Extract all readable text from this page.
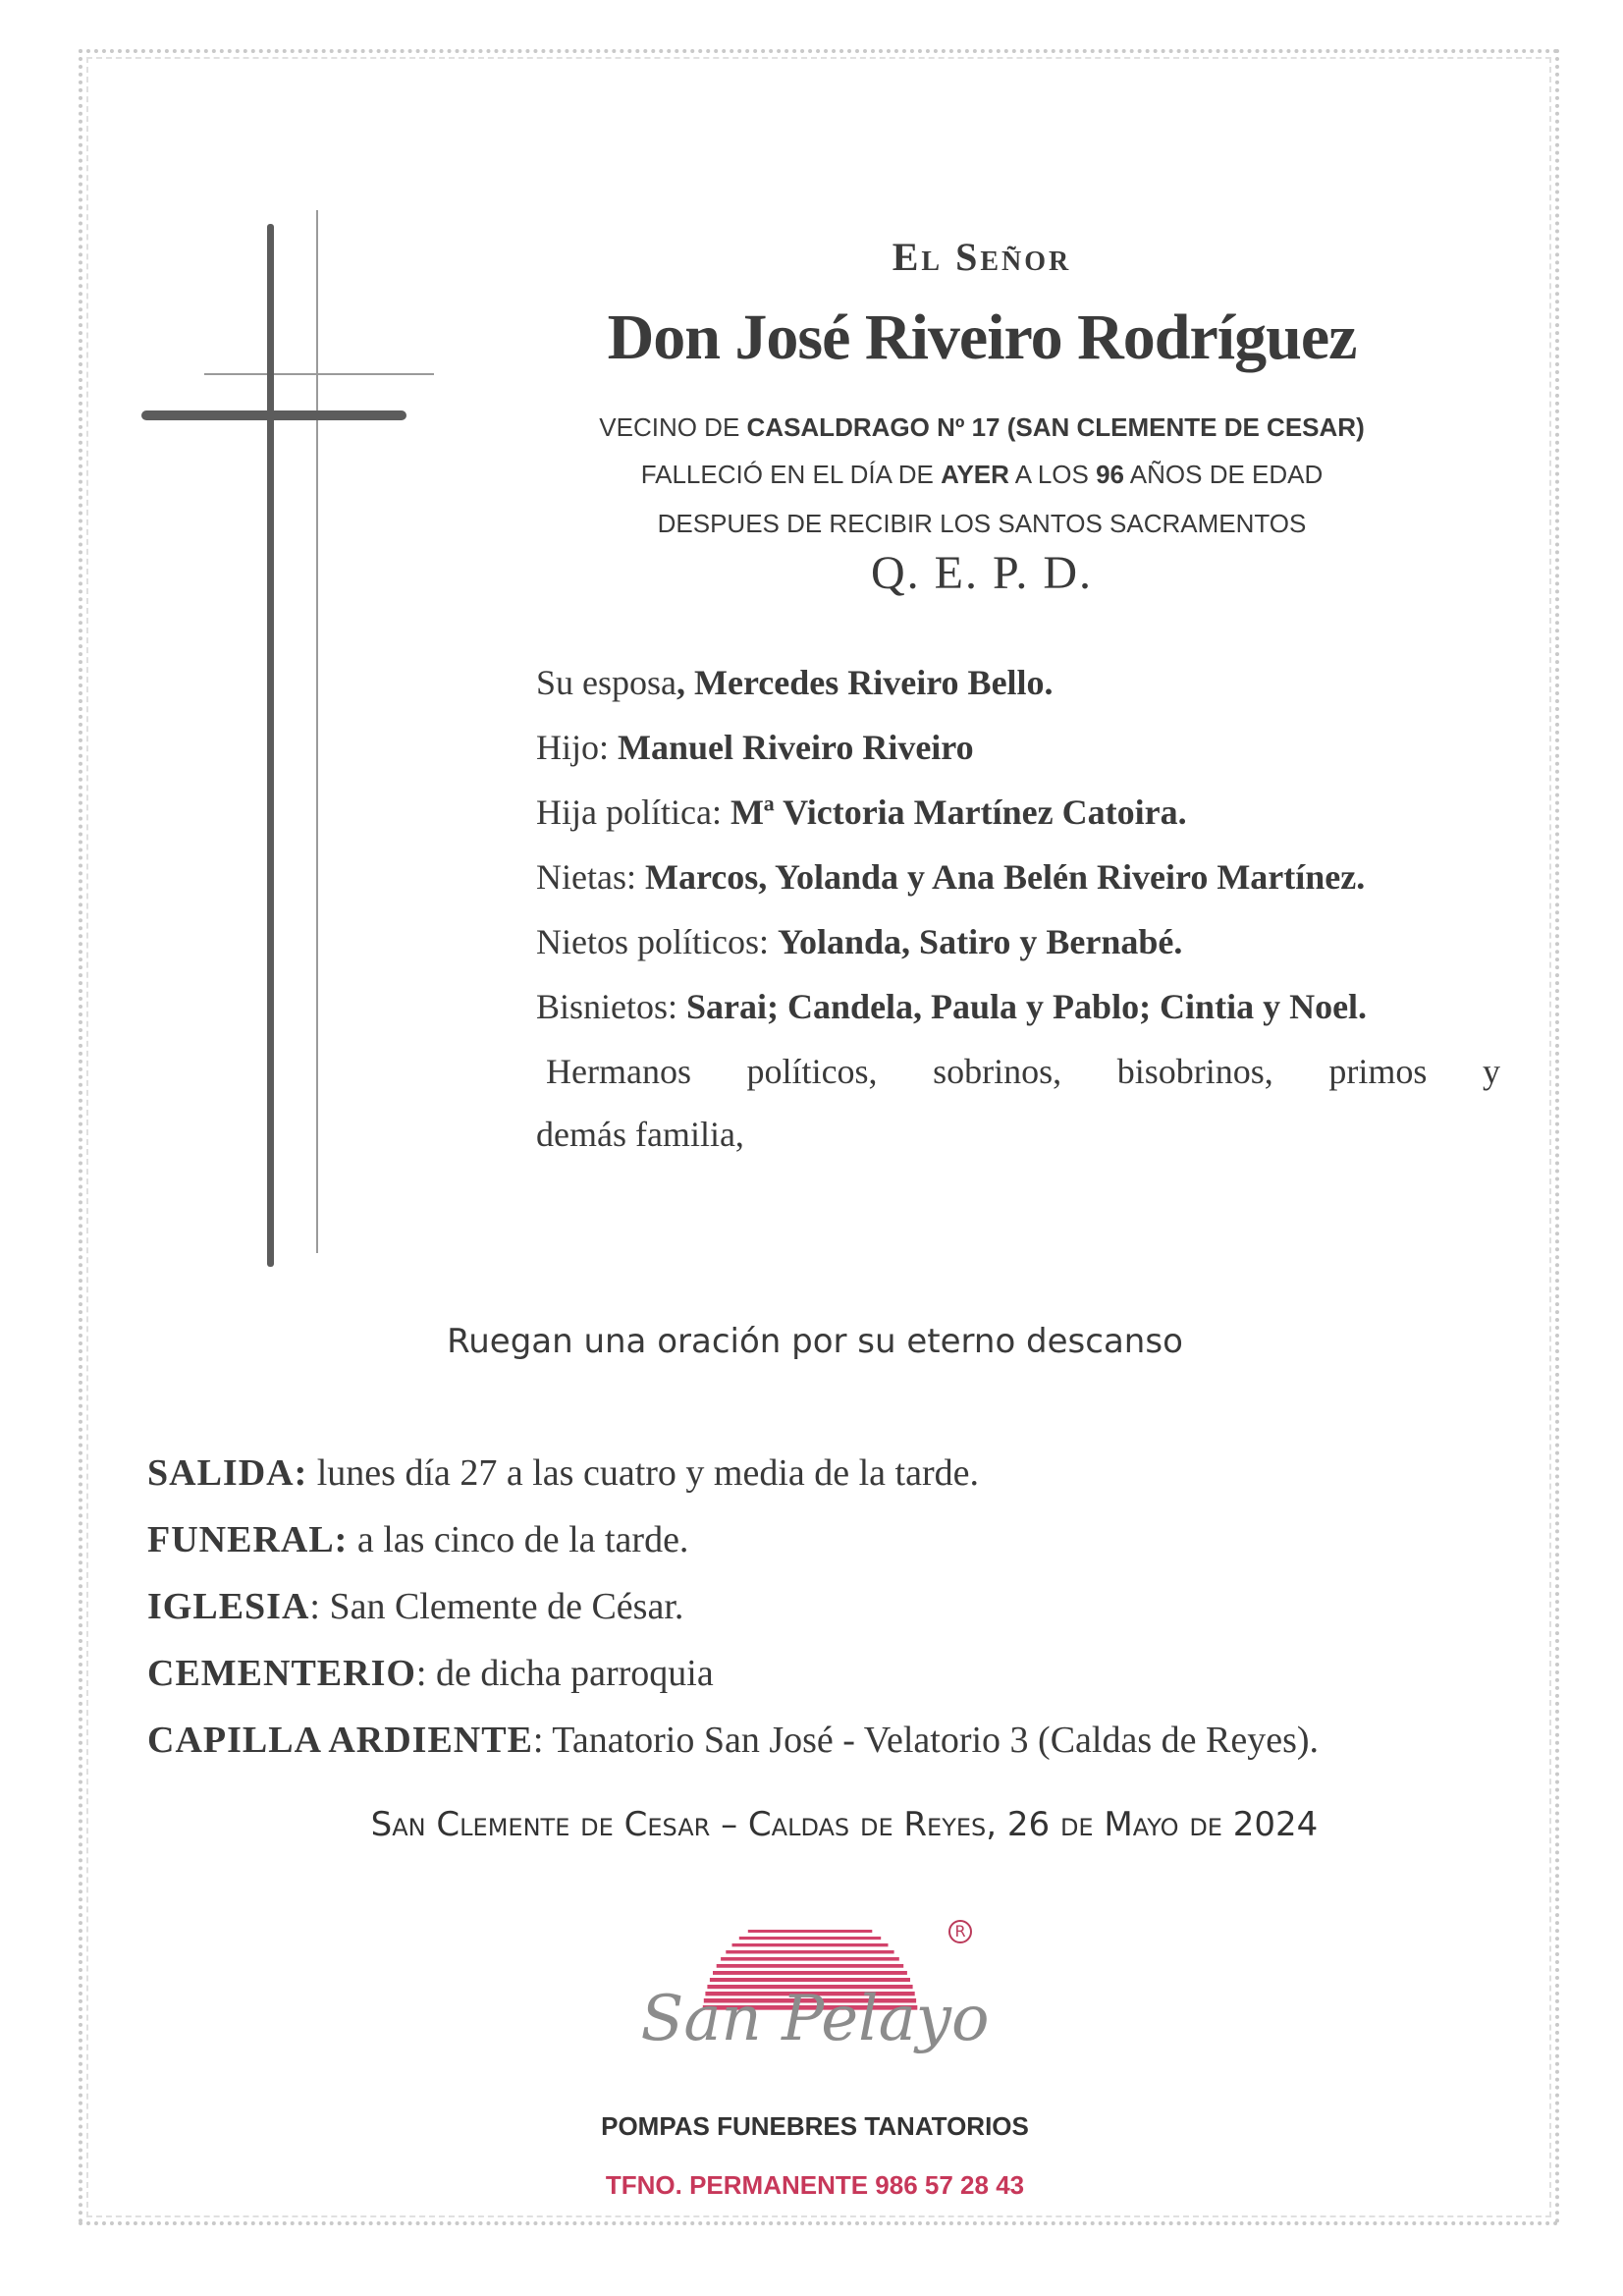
El Señor
Don José Riveiro Rodríguez
VECINO DE CASALDRAGO Nº 17 (SAN CLEMENTE DE CESAR)
FALLECIÓ EN EL DÍA DE AYER A LOS 96 AÑOS DE EDAD
DESPUES DE RECIBIR LOS SANTOS SACRAMENTOS
Q. E. P. D.
Su esposa, Mercedes Riveiro Bello.
Hijo: Manuel Riveiro Riveiro
Hija política: Mª Victoria Martínez Catoira.
Nietas: Marcos, Yolanda y Ana Belén Riveiro Martínez.
Nietos políticos: Yolanda, Satiro y Bernabé.
Bisnietos: Sarai; Candela, Paula y Pablo; Cintia y Noel.
Hermanos políticos, sobrinos, bisobrinos, primos y
demás familia,
Ruegan una oración por su eterno descanso
SALIDA: lunes día 27 a las cuatro y media de la tarde.
FUNERAL: a las cinco de la tarde.
IGLESIA: San Clemente de César.
CEMENTERIO: de dicha parroquia
CAPILLA ARDIENTE: Tanatorio San José - Velatorio 3 (Caldas de Reyes).
San Clemente de Cesar – Caldas de Reyes, 26 de Mayo de 2024
R
San Pelayo
POMPAS FUNEBRES TANATORIOS
TFNO. PERMANENTE 986 57 28 43
